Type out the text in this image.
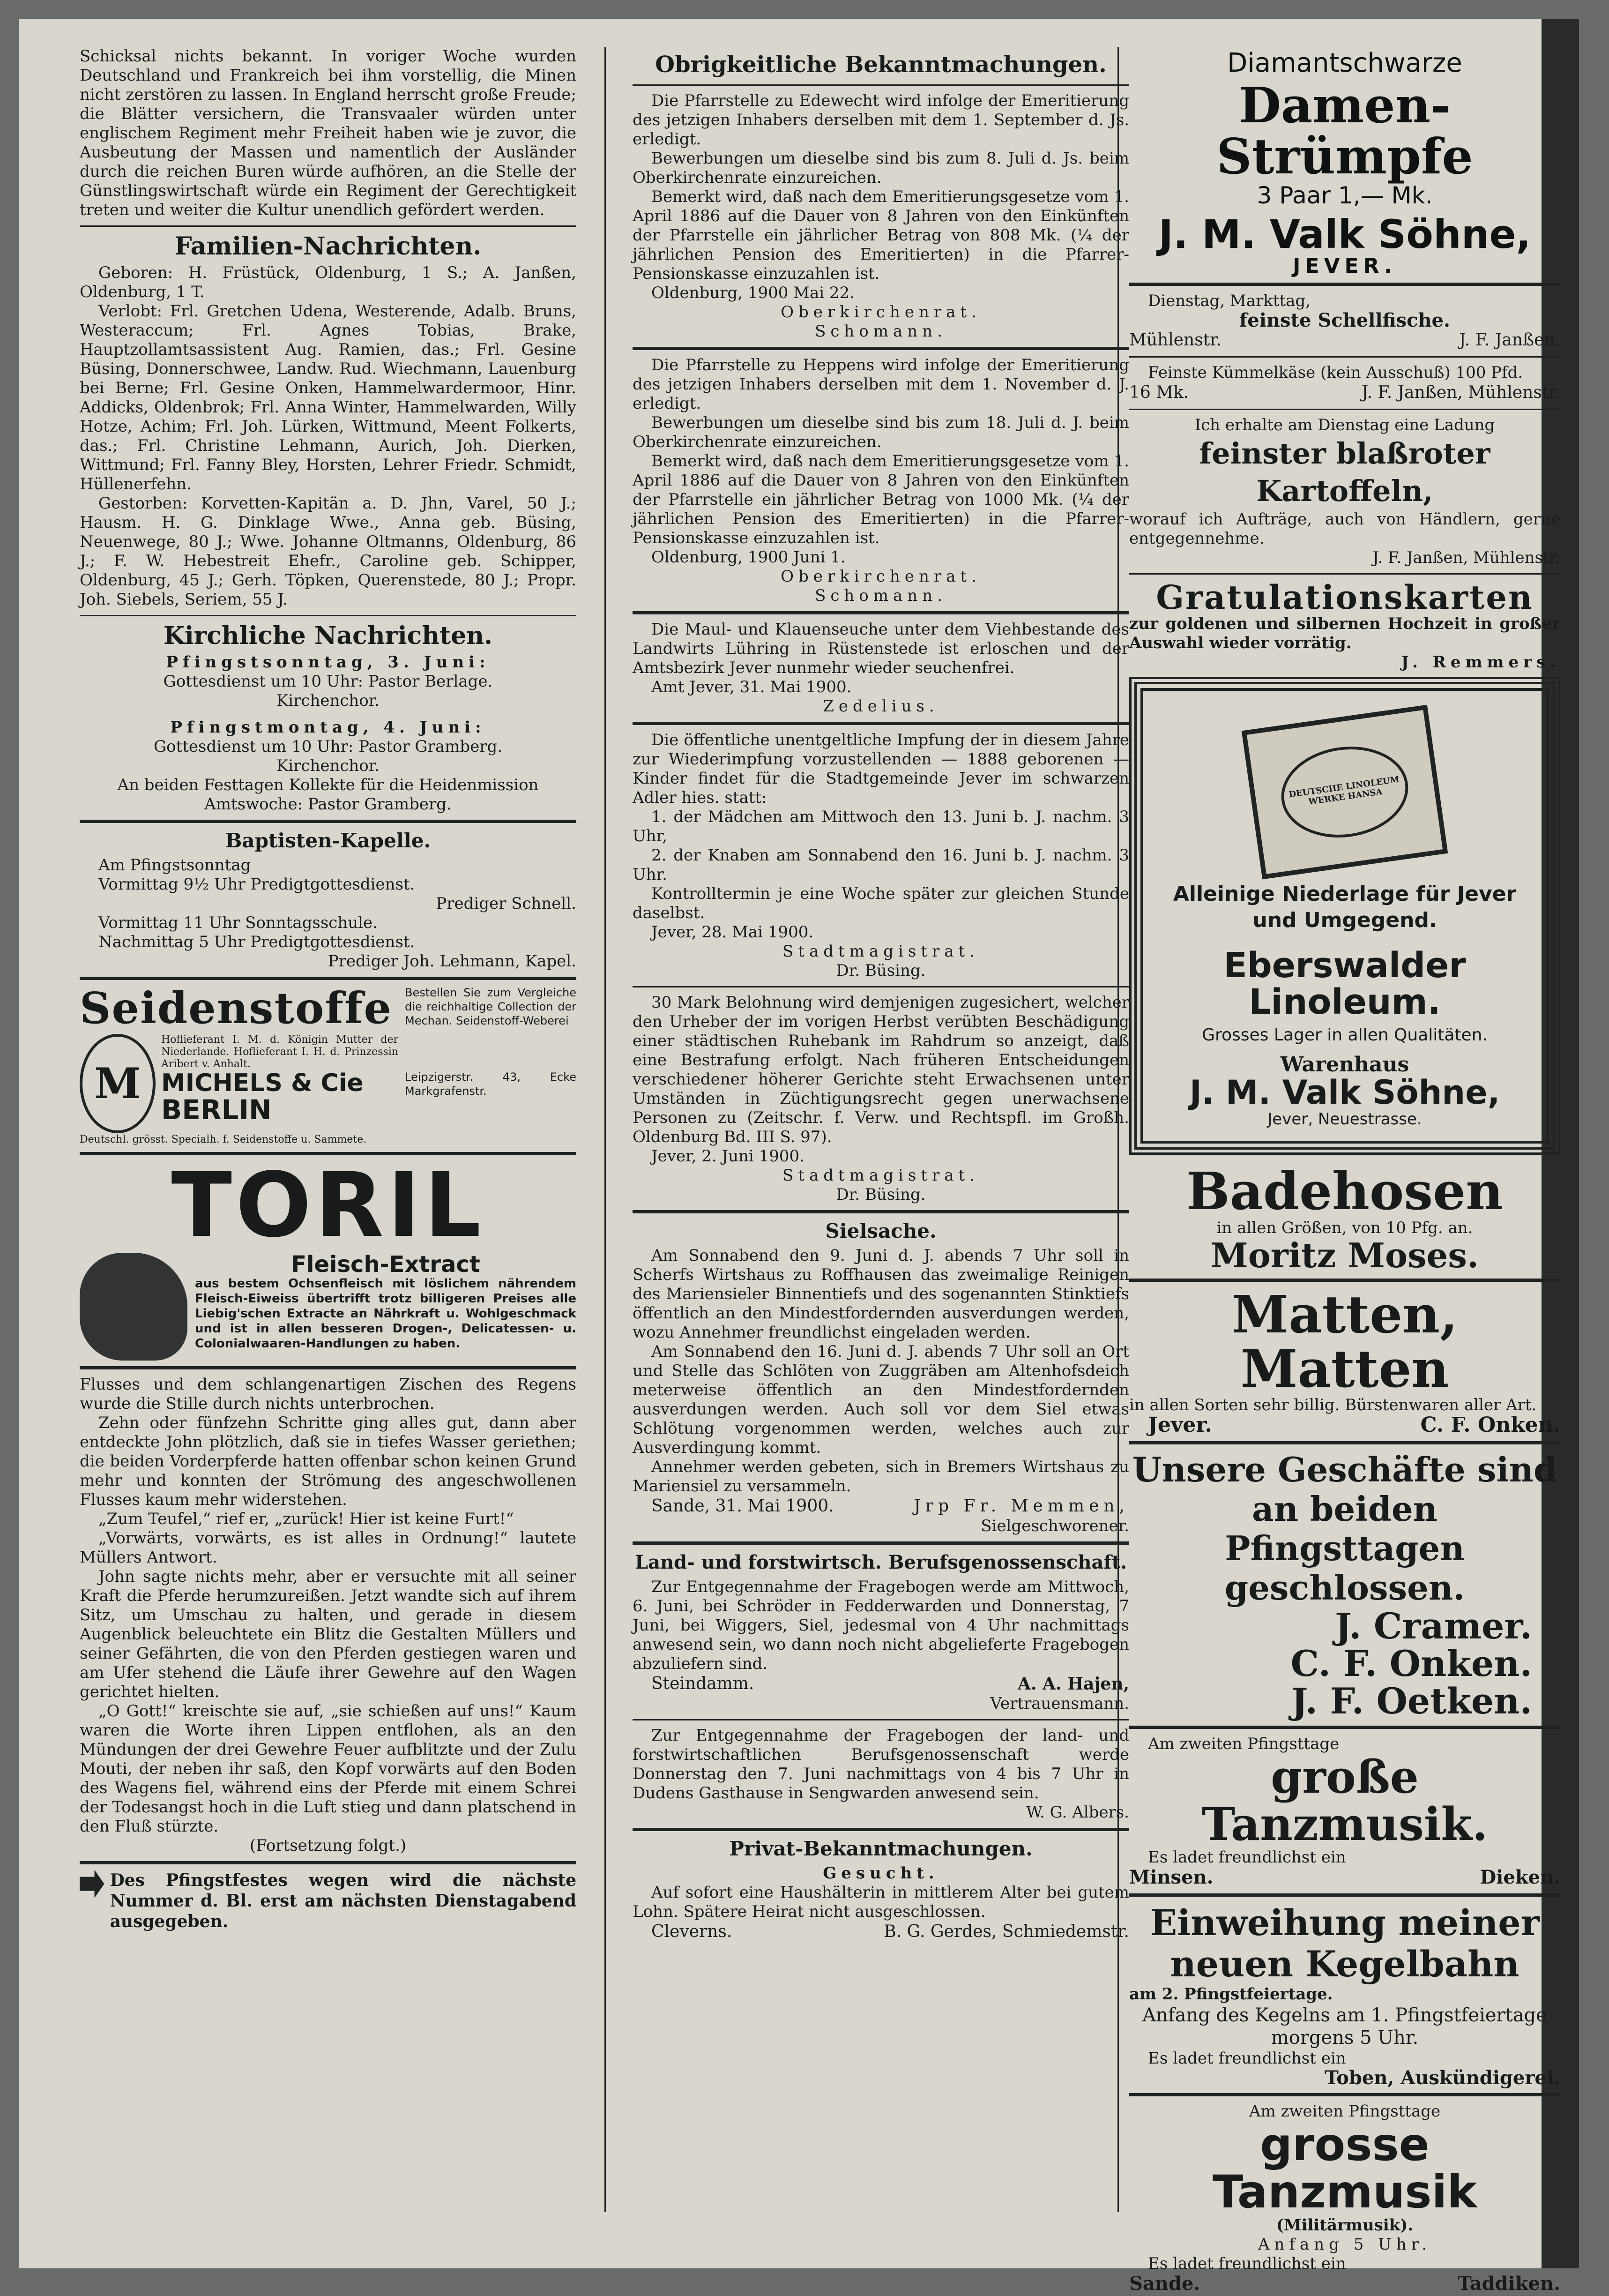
Schicksal nichts bekannt. In voriger Woche wurden Deutschland und Frankreich bei ihm vorstellig, die Minen nicht zerstören zu lassen. In England herrscht große Freude; die Blätter versichern, die Transvaaler würden unter englischem Regiment mehr Freiheit haben wie je zuvor, die Ausbeutung der Massen und namentlich der Ausländer durch die reichen Buren würde aufhören, an die Stelle der Günstlingswirtschaft würde ein Regiment der Gerechtigkeit treten und weiter die Kultur unendlich gefördert werden.

Familien-Nachrichten.

Geboren: H. Früstück, Oldenburg, 1 S.; A. Janßen, Oldenburg, 1 T.

Verlobt: Frl. Gretchen Udena, Westerende, Adalb. Bruns, Westeraccum; Frl. Agnes Tobias, Brake, Hauptzollamtsassistent Aug. Ramien, das.; Frl. Gesine Büsing, Donnerschwee, Landw. Rud. Wiechmann, Lauenburg bei Berne; Frl. Gesine Onken, Hammelwardermoor, Hinr. Addicks, Oldenbrok; Frl. Anna Winter, Hammelwarden, Willy Hotze, Achim; Frl. Joh. Lürken, Wittmund, Meent Folkerts, das.; Frl. Christine Lehmann, Aurich, Joh. Dierken, Wittmund; Frl. Fanny Bley, Horsten, Lehrer Friedr. Schmidt, Hüllenerfehn.

Gestorben: Korvetten-Kapitän a. D. Jhn, Varel, 50 J.; Hausm. H. G. Dinklage Wwe., Anna geb. Büsing, Neuenwege, 80 J.; Wwe. Johanne Oltmanns, Oldenburg, 86 J.; F. W. Hebestreit Ehefr., Caroline geb. Schipper, Oldenburg, 45 J.; Gerh. Töpken, Querenstede, 80 J.; Propr. Joh. Siebels, Seriem, 55 J.

Kirchliche Nachrichten.

Pfingstsonntag, 3. Juni:

Gottesdienst um 10 Uhr: Pastor Berlage.

Kirchenchor.

Pfingstmontag, 4. Juni:

Gottesdienst um 10 Uhr: Pastor Gramberg.

Kirchenchor.

An beiden Festtagen Kollekte für die Heidenmission

Amtswoche: Pastor Gramberg.

Baptisten-Kapelle.

Am Pfingstsonntag

Vormittag 9½ Uhr Predigtgottesdienst.

Prediger Schnell.

Vormittag 11 Uhr Sonntagsschule.

Nachmittag 5 Uhr Predigtgottesdienst.

Prediger Joh. Lehmann, Kapel.

Seidenstoffe
M

Hoflieferant I. M. d. Königin Mutter der Niederlande. Hoflieferant I. H. d. Prinzessin Aribert v. Anhalt.

MICHELS & Cie
BERLIN

Deutschl. grösst. Specialh. f. Seidenstoffe u. Sammete.

Bestellen Sie zum Vergleiche die reichhaltige Collection der Mechan. Seidenstoff-Weberei

Leipzigerstr. 43, Ecke Markgrafenstr.

TORIL
Fleisch-Extract

aus bestem Ochsenfleisch mit löslichem nährendem Fleisch-Eiweiss übertrifft trotz billigeren Preises alle Liebig'schen Extracte an Nährkraft u. Wohlgeschmack und ist in allen besseren Drogen-, Delicatessen- u. Colonialwaaren-Handlungen zu haben.

Flusses und dem schlangenartigen Zischen des Regens wurde die Stille durch nichts unterbrochen.

Zehn oder fünfzehn Schritte ging alles gut, dann aber entdeckte John plötzlich, daß sie in tiefes Wasser geriethen; die beiden Vorderpferde hatten offenbar schon keinen Grund mehr und konnten der Strömung des angeschwollenen Flusses kaum mehr widerstehen.

„Zum Teufel,“ rief er, „zurück! Hier ist keine Furt!“

„Vorwärts, vorwärts, es ist alles in Ordnung!“ lautete Müllers Antwort.

John sagte nichts mehr, aber er versuchte mit all seiner Kraft die Pferde herumzureißen. Jetzt wandte sich auf ihrem Sitz, um Umschau zu halten, und gerade in diesem Augenblick beleuchtete ein Blitz die Gestalten Müllers und seiner Gefährten, die von den Pferden gestiegen waren und am Ufer stehend die Läufe ihrer Gewehre auf den Wagen gerichtet hielten.

„O Gott!“ kreischte sie auf, „sie schießen auf uns!“ Kaum waren die Worte ihren Lippen entflohen, als an den Mündungen der drei Gewehre Feuer aufblitzte und der Zulu Mouti, der neben ihr saß, den Kopf vorwärts auf den Boden des Wagens fiel, während eins der Pferde mit einem Schrei der Todesangst hoch in die Luft stieg und dann platschend in den Fluß stürzte.

(Fortsetzung folgt.)

Des Pfingstfestes wegen wird die nächste Nummer d. Bl. erst am nächsten Dienstagabend ausgegeben.

Obrigkeitliche Bekanntmachungen.

Die Pfarrstelle zu Edewecht wird infolge der Emeritierung des jetzigen Inhabers derselben mit dem 1. September d. Js. erledigt.

Bewerbungen um dieselbe sind bis zum 8. Juli d. Js. beim Oberkirchenrate einzureichen.

Bemerkt wird, daß nach dem Emeritierungsgesetze vom 1. April 1886 auf die Dauer von 8 Jahren von den Einkünften der Pfarrstelle ein jährlicher Betrag von 808 Mk. (¼ der jährlichen Pension des Emeritierten) in die Pfarrer-Pensionskasse einzuzahlen ist.

Oldenburg, 1900 Mai 22.

Oberkirchenrat.

Schomann.

Die Pfarrstelle zu Heppens wird infolge der Emeritierung des jetzigen Inhabers derselben mit dem 1. November d. J. erledigt.

Bewerbungen um dieselbe sind bis zum 18. Juli d. J. beim Oberkirchenrate einzureichen.

Bemerkt wird, daß nach dem Emeritierungsgesetze vom 1. April 1886 auf die Dauer von 8 Jahren von den Einkünften der Pfarrstelle ein jährlicher Betrag von 1000 Mk. (¼ der jährlichen Pension des Emeritierten) in die Pfarrer-Pensionskasse einzuzahlen ist.

Oldenburg, 1900 Juni 1.

Oberkirchenrat.

Schomann.

Die Maul- und Klauenseuche unter dem Viehbestande des Landwirts Lühring in Rüstenstede ist erloschen und der Amtsbezirk Jever nunmehr wieder seuchenfrei.

Amt Jever, 31. Mai 1900.

Zedelius.

Die öffentliche unentgeltliche Impfung der in diesem Jahre zur Wiederimpfung vorzustellenden — 1888 geborenen — Kinder findet für die Stadtgemeinde Jever im schwarzen Adler hies. statt:

1. der Mädchen am Mittwoch den 13. Juni b. J. nachm. 3 Uhr,

2. der Knaben am Sonnabend den 16. Juni b. J. nachm. 3 Uhr.

Kontrolltermin je eine Woche später zur gleichen Stunde daselbst.

Jever, 28. Mai 1900.

Stadtmagistrat.

Dr. Büsing.

30 Mark Belohnung wird demjenigen zugesichert, welcher den Urheber der im vorigen Herbst verübten Beschädigung einer städtischen Ruhebank im Rahdrum so anzeigt, daß eine Bestrafung erfolgt. Nach früheren Entscheidungen verschiedener höherer Gerichte steht Erwachsenen unter Umständen in Züchtigungsrecht gegen unerwachsene Personen zu (Zeitschr. f. Verw. und Rechtspfl. im Großh. Oldenburg Bd. III S. 97).

Jever, 2. Juni 1900.

Stadtmagistrat.

Dr. Büsing.

Sielsache.

Am Sonnabend den 9. Juni d. J. abends 7 Uhr soll in Scherfs Wirtshaus zu Roffhausen das zweimalige Reinigen des Mariensieler Binnentiefs und des sogenannten Stinktiefs öffentlich an den Mindestfordernden ausverdungen werden, wozu Annehmer freundlichst eingeladen werden.

Am Sonnabend den 16. Juni d. J. abends 7 Uhr soll an Ort und Stelle das Schlöten von Zuggräben am Altenhofsdeich meterweise öffentlich an den Mindestfordernden ausverdungen werden. Auch soll vor dem Siel etwas Schlötung vorgenommen werden, welches auch zur Ausverdingung kommt.

Annehmer werden gebeten, sich in Bremers Wirtshaus zu Mariensiel zu versammeln.

Sande, 31. Mai 1900.	Jrp Fr. Memmen,

Sielgeschworener.

Land- und forstwirtsch. Berufsgenossenschaft.

Zur Entgegennahme der Fragebogen werde am Mittwoch, 6. Juni, bei Schröder in Fedderwarden und Donnerstag, 7 Juni, bei Wiggers, Siel, jedesmal von 4 Uhr nachmittags anwesend sein, wo dann noch nicht abgelieferte Fragebogen abzuliefern sind.

Steindamm.	A. A. Hajen,

Vertrauensmann.

Zur Entgegennahme der Fragebogen der land- und forstwirtschaftlichen Berufsgenossenschaft werde Donnerstag den 7. Juni nachmittags von 4 bis 7 Uhr in Dudens Gasthause in Sengwarden anwesend sein.

W. G. Albers.

Privat-Bekanntmachungen.

Gesucht.

Auf sofort eine Haushälterin in mittlerem Alter bei gutem Lohn. Spätere Heirat nicht ausgeschlossen.

Cleverns.	B. G. Gerdes, Schmiedemstr.
Diamantschwarze
Damen-Strümpfe
3 Paar 1,— Mk.
J. M. Valk Söhne,
JEVER.

Dienstag, Markttag,

feinste Schellfische.

Mühlenstr.	J. F. Janßen.

Feinste Kümmelkäse (kein Ausschuß) 100 Pfd.

16 Mk.	J. F. Janßen, Mühlenstr.

Ich erhalte am Dienstag eine Ladung

feinster blaßroter Kartoffeln,

worauf ich Aufträge, auch von Händlern, gerne entgegennehme.

J. F. Janßen, Mühlenstr.

Gratulationskarten

zur goldenen und silbernen Hochzeit in großer Auswahl wieder vorrätig.

J. Remmers.

DEUTSCHE LINOLEUM WERKE HANSA
Alleinige Niederlage für Jever und Umgegend.
Eberswalder Linoleum.
Grosses Lager in allen Qualitäten.
Warenhaus
J. M. Valk Söhne,
Jever, Neuestrasse.
Badehosen

in allen Größen, von 10 Pfg. an.

Moritz Moses.
Matten, Matten

in allen Sorten sehr billig. Bürstenwaren aller Art.

Jever.	C. F. Onken.
Unsere Geschäfte sind an beiden Pfingsttagen geschlossen.
J. Cramer.
C. F. Onken.
J. F. Oetken.

Am zweiten Pfingsttage

große Tanzmusik.

Es ladet freundlichst ein

Minsen.	Dieken.
Einweihung meiner neuen Kegelbahn

am 2. Pfingstfeiertage.

Anfang des Kegelns am 1. Pfingstfeiertage morgens 5 Uhr.

Es ladet freundlichst ein

Toben, Auskündigerei.

Am zweiten Pfingsttage

grosse Tanzmusik

(Militärmusik).

Anfang 5 Uhr.

Es ladet freundlichst ein

Sande.	Taddiken.
